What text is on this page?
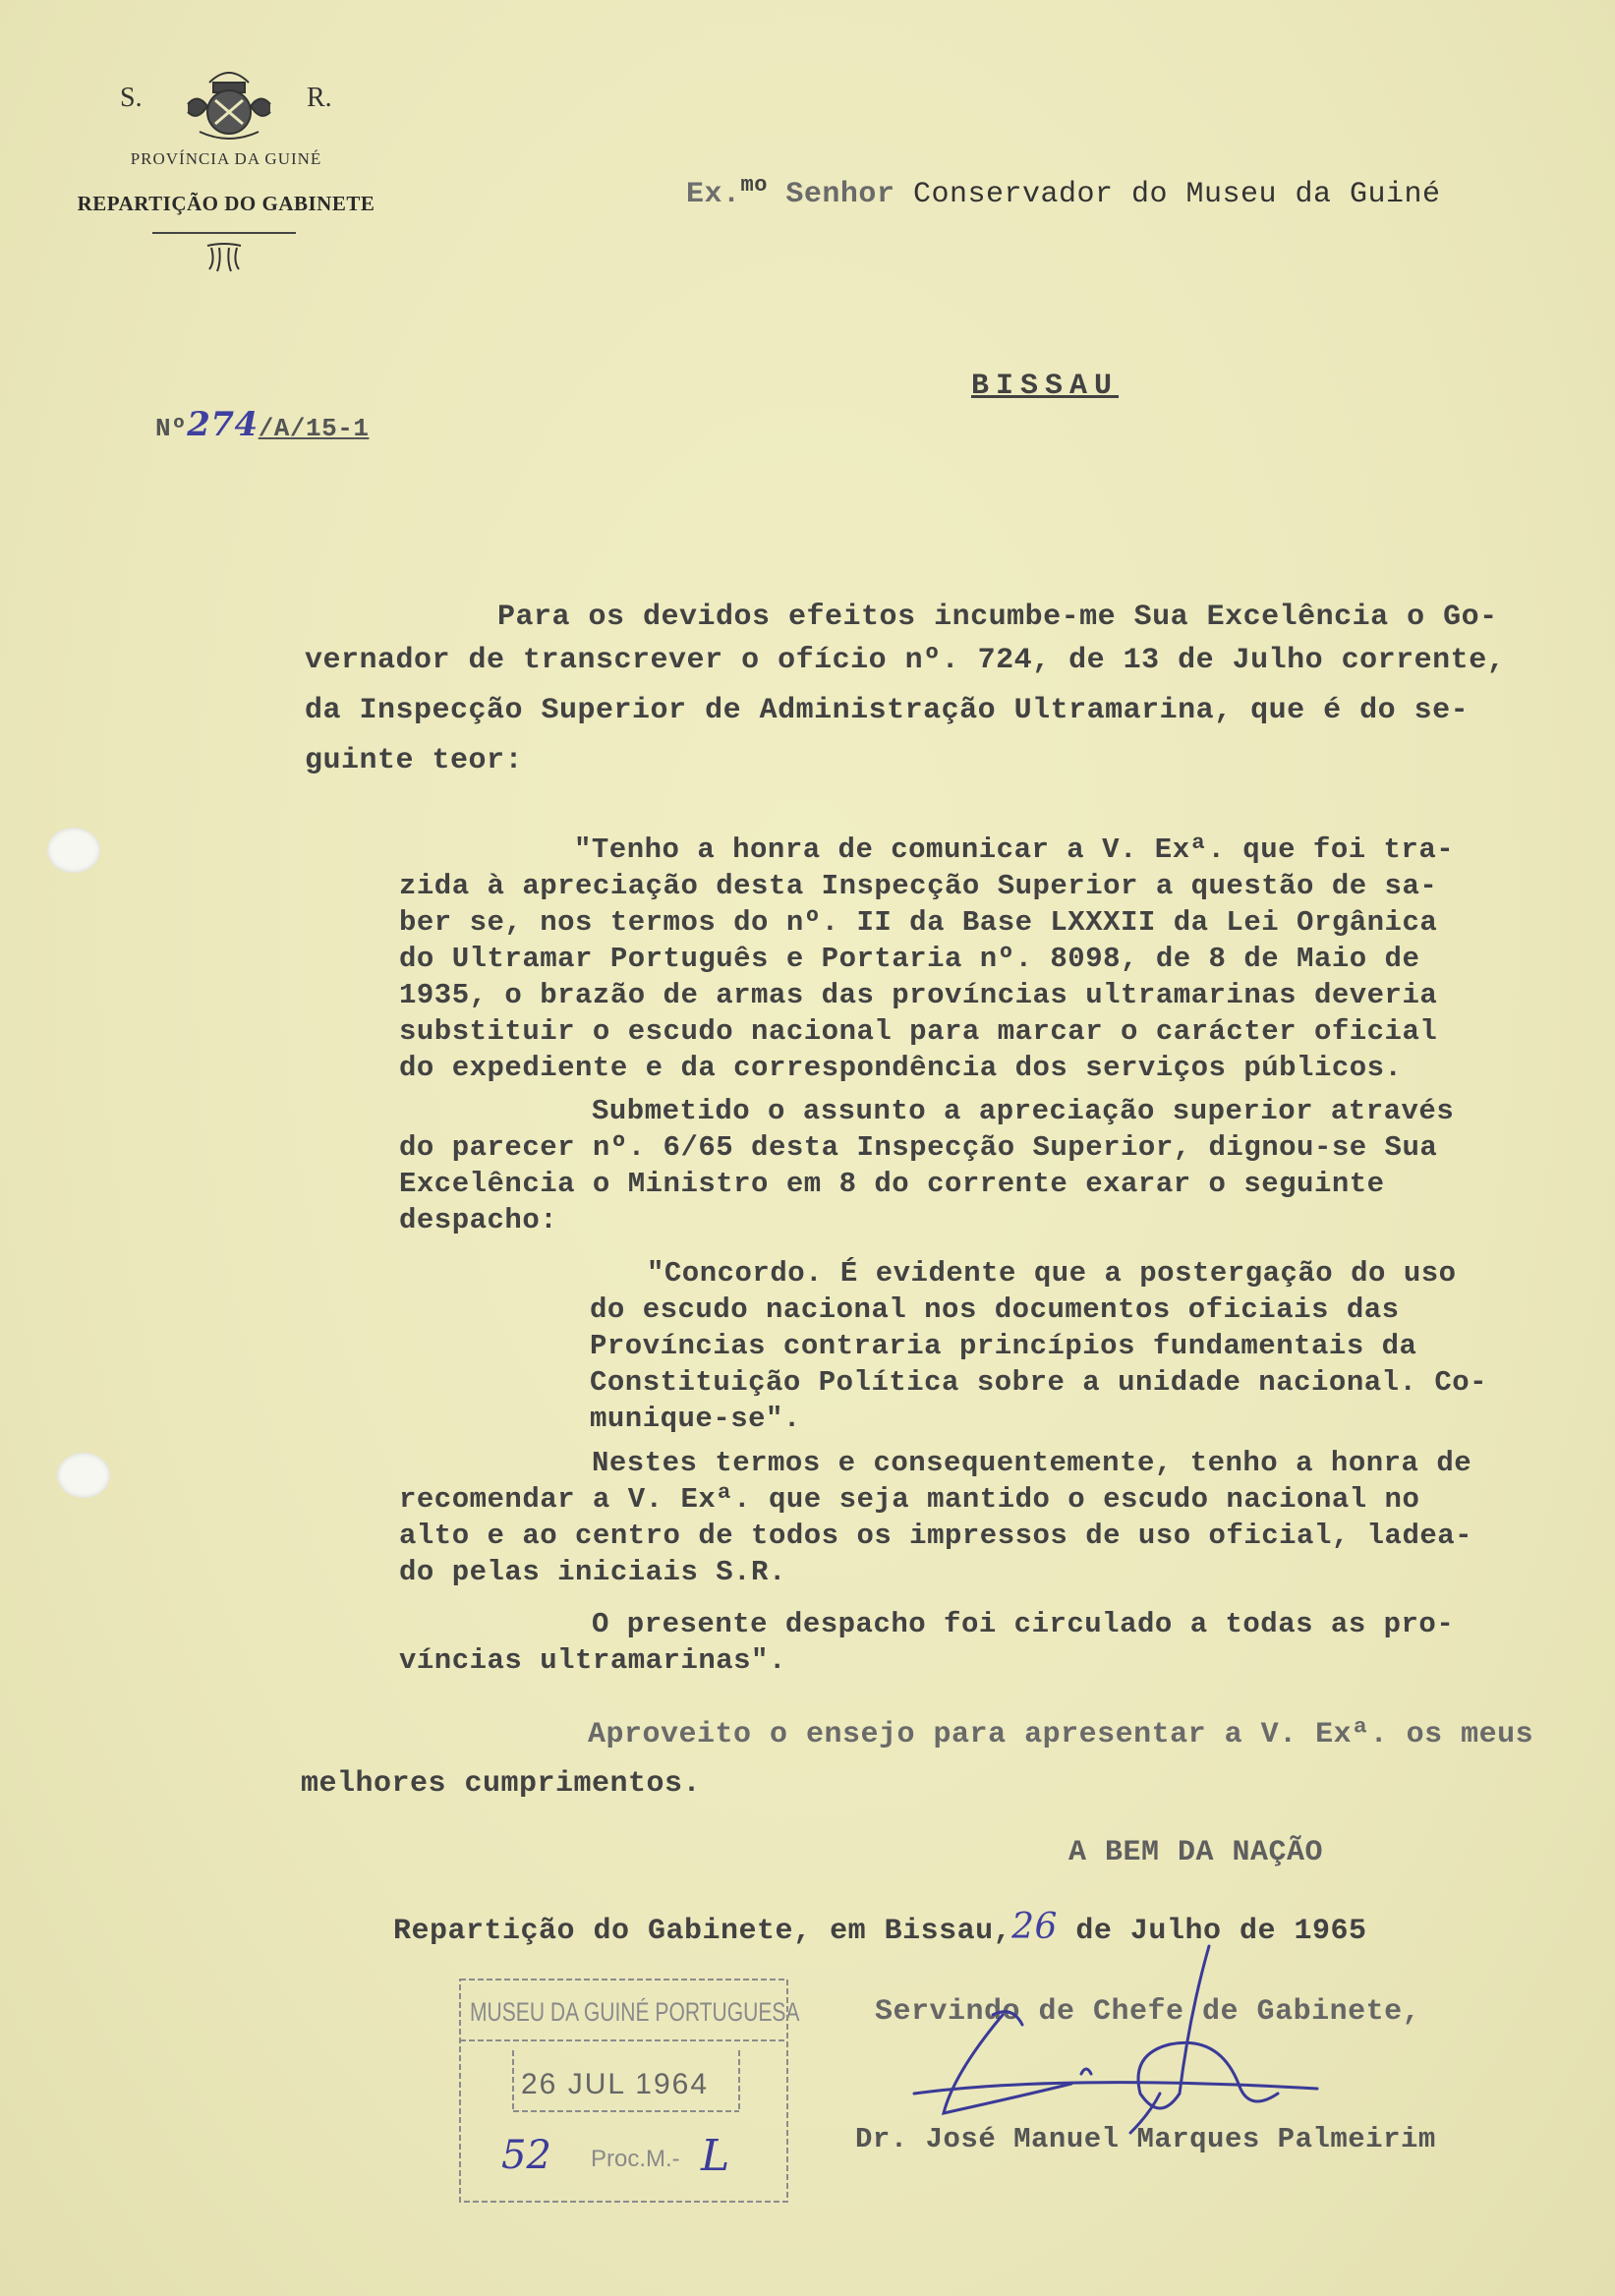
S.	R.
PROVÍNCIA DA GUINÉ
REPARTIÇÃO DO GABINETE	Ex.$^{mo}$ Senhor Conservador do Museu da Guiné
BISSAU
Nº274/A/15-1
Para os devidos efeitos incumbe-me Sua Excelência o Go-
vernador de transcrever o ofício nº. 724, de 13 de Julho corrente,
da Inspecção Superior de Administração Ultramarina, que é do se-
guinte teor:
"Tenho a honra de comunicar a V. Exª. que foi tra-
zida à apreciação desta Inspecção Superior a questão de sa-
ber se, nos termos do nº. II da Base LXXXII da Lei Orgânica
do Ultramar Português e Portaria nº. 8098, de 8 de Maio de
1935, o brazão de armas das províncias ultramarinas deveria
substituir o escudo nacional para marcar o carácter oficial
do expediente e da correspondência dos serviços públicos.
Submetido o assunto a apreciação superior através
do parecer nº. 6/65 desta Inspecção Superior, dignou-se Sua
Excelência o Ministro em 8 do corrente exarar o seguinte
despacho:
"Concordo. É evidente que a postergação do uso
do escudo nacional nos documentos oficiais das
Províncias contraria princípios fundamentais da
Constituição Política sobre a unidade nacional. Co-
munique-se".
Nestes termos e consequentemente, tenho a honra de
recomendar a V. Exª. que seja mantido o escudo nacional no
alto e ao centro de todos os impressos de uso oficial, ladea-
do pelas iniciais S.R.
O presente despacho foi circulado a todas as pro-
víncias ultramarinas".
Aproveito o ensejo para apresentar a V. Exª. os meus
melhores cumprimentos.
A BEM DA NAÇÃO
Repartição do Gabinete, em Bissau,26 de Julho de 1965
Servindo de Chefe de Gabinete,
Dr. José Manuel Marques Palmeirim
MUSEU DA GUINÉ PORTUGUESA
26 JUL 1964
52 Proc.M.- L
